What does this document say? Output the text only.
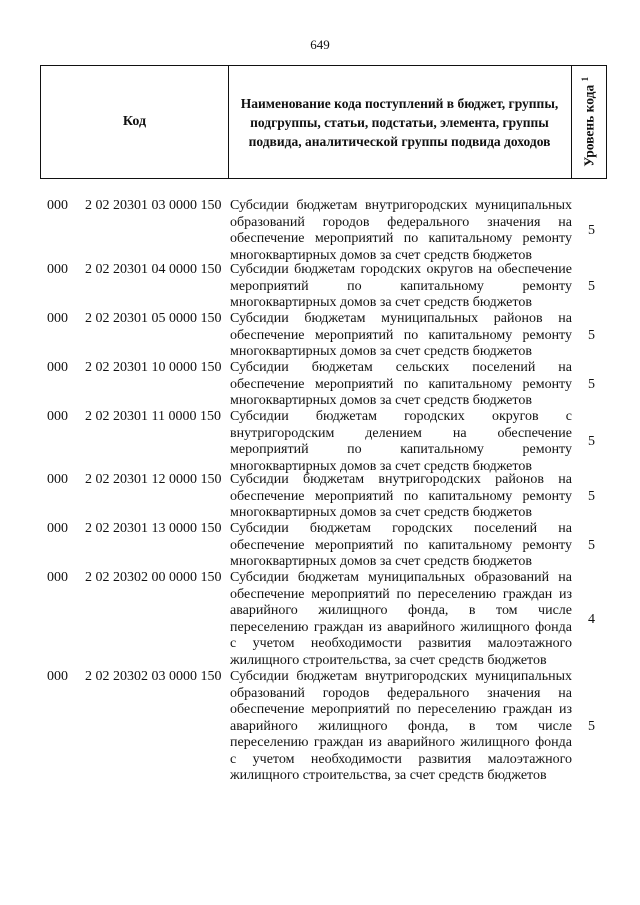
649
Код
Наименование кода поступлений в бюджет, группы, подгруппы, статьи, подстатьи, элемента, группы подвида, аналитической группы подвида доходов	Уровень кода $^1$
000 2 02 20301 03 0000 150 Субсидии бюджетам внутригородских муниципальных
образований городов федерального значения на
обеспечение мероприятий по капитальному ремонту
многоквартирных домов за счет средств бюджетов
5
000 2 02 20301 04 0000 150 Субсидии бюджетам городских округов на обеспечение
мероприятий по капитальному ремонту
многоквартирных домов за счет средств бюджетов
5
000 2 02 20301 05 0000 150 Субсидии бюджетам муниципальных районов на
обеспечение мероприятий по капитальному ремонту
многоквартирных домов за счет средств бюджетов
5
000 2 02 20301 10 0000 150 Субсидии бюджетам сельских поселений на
обеспечение мероприятий по капитальному ремонту
многоквартирных домов за счет средств бюджетов
5
000 2 02 20301 11 0000 150 Субсидии бюджетам городских округов с
внутригородским делением на обеспечение
мероприятий по капитальному ремонту
многоквартирных домов за счет средств бюджетов
5
000 2 02 20301 12 0000 150 Субсидии бюджетам внутригородских районов на
обеспечение мероприятий по капитальному ремонту
многоквартирных домов за счет средств бюджетов
5
000 2 02 20301 13 0000 150 Субсидии бюджетам городских поселений на
обеспечение мероприятий по капитальному ремонту
многоквартирных домов за счет средств бюджетов
5
000 2 02 20302 00 0000 150 Субсидии бюджетам муниципальных образований на
обеспечение мероприятий по переселению граждан из
аварийного жилищного фонда, в том числе
переселению граждан из аварийного жилищного фонда
с учетом необходимости развития малоэтажного
жилищного строительства, за счет средств бюджетов
4
000 2 02 20302 03 0000 150 Субсидии бюджетам внутригородских муниципальных
образований городов федерального значения на
обеспечение мероприятий по переселению граждан из
аварийного жилищного фонда, в том числе
переселению граждан из аварийного жилищного фонда
с учетом необходимости развития малоэтажного
жилищного строительства, за счет средств бюджетов
5
